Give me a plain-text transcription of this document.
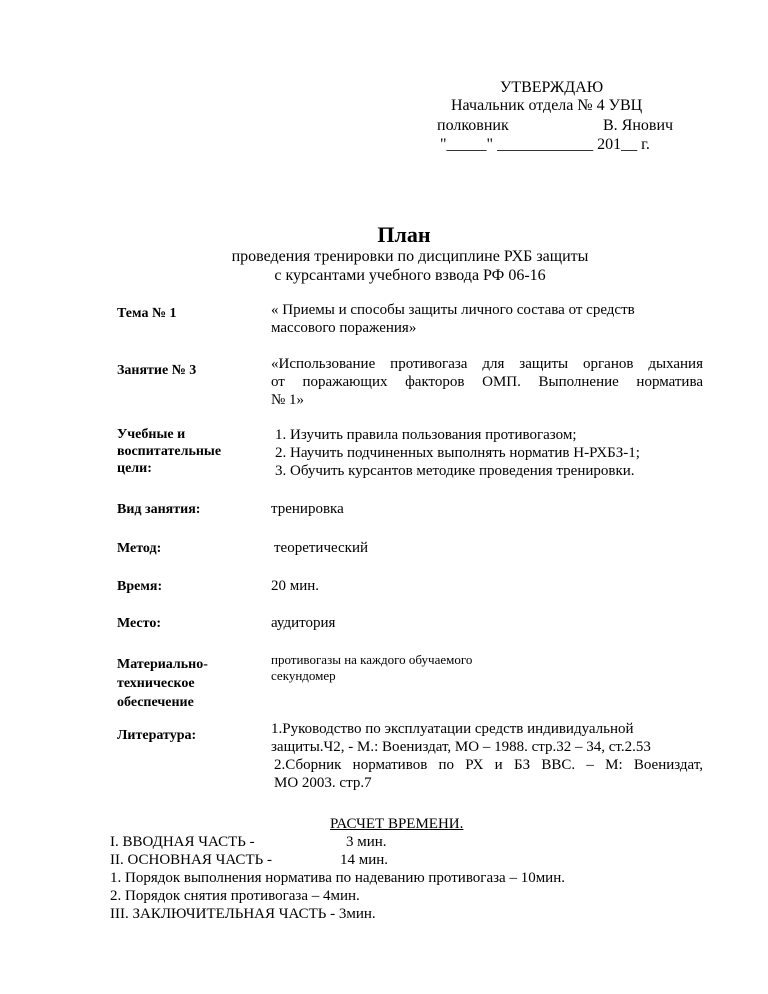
УТВЕРЖДАЮ
Начальник отдела № 4 УВЦ
полковник	В. Янович
"_____" ____________ 201__ г.
План
проведения тренировки по дисциплине РХБ защиты
с курсантами учебного взвода РФ 06-16
Тема № 1	« Приемы и способы защиты личного состава от средств
массового поражения»
Занятие № 3	«Использование противогаза для защиты органов дыхания
от поражающих факторов ОМП. Выполнение норматива
№ 1»
Учебные и
воспитательные
цели:
1. Изучить правила пользования противогазом;
2. Научить подчиненных выполнять норматив Н-РХБЗ-1;
3. Обучить курсантов методике проведения тренировки.
Вид занятия:	тренировка
Метод:	теоретический
Время:	20 мин.
Место:	аудитория
Материально-
техническое
обеспечение
противогазы на каждого обучаемого
секундомер
Литература:	1.Руководство по эксплуатации средств индивидуальной
защиты.Ч2, - М.: Воениздат, МО – 1988. стр.32 – 34, ст.2.53
2.Сборник нормативов по РХ и БЗ ВВС. – М: Воениздат,
МО 2003. стр.7
РАСЧЕТ ВРЕМЕНИ.
I. ВВОДНАЯ ЧАСТЬ -	3 мин.
II. ОСНОВНАЯ ЧАСТЬ -	14 мин.
1. Порядок выполнения норматива по надеванию противогаза – 10мин.
2. Порядок снятия противогаза – 4мин.
III. ЗАКЛЮЧИТЕЛЬНАЯ ЧАСТЬ - 3мин.
